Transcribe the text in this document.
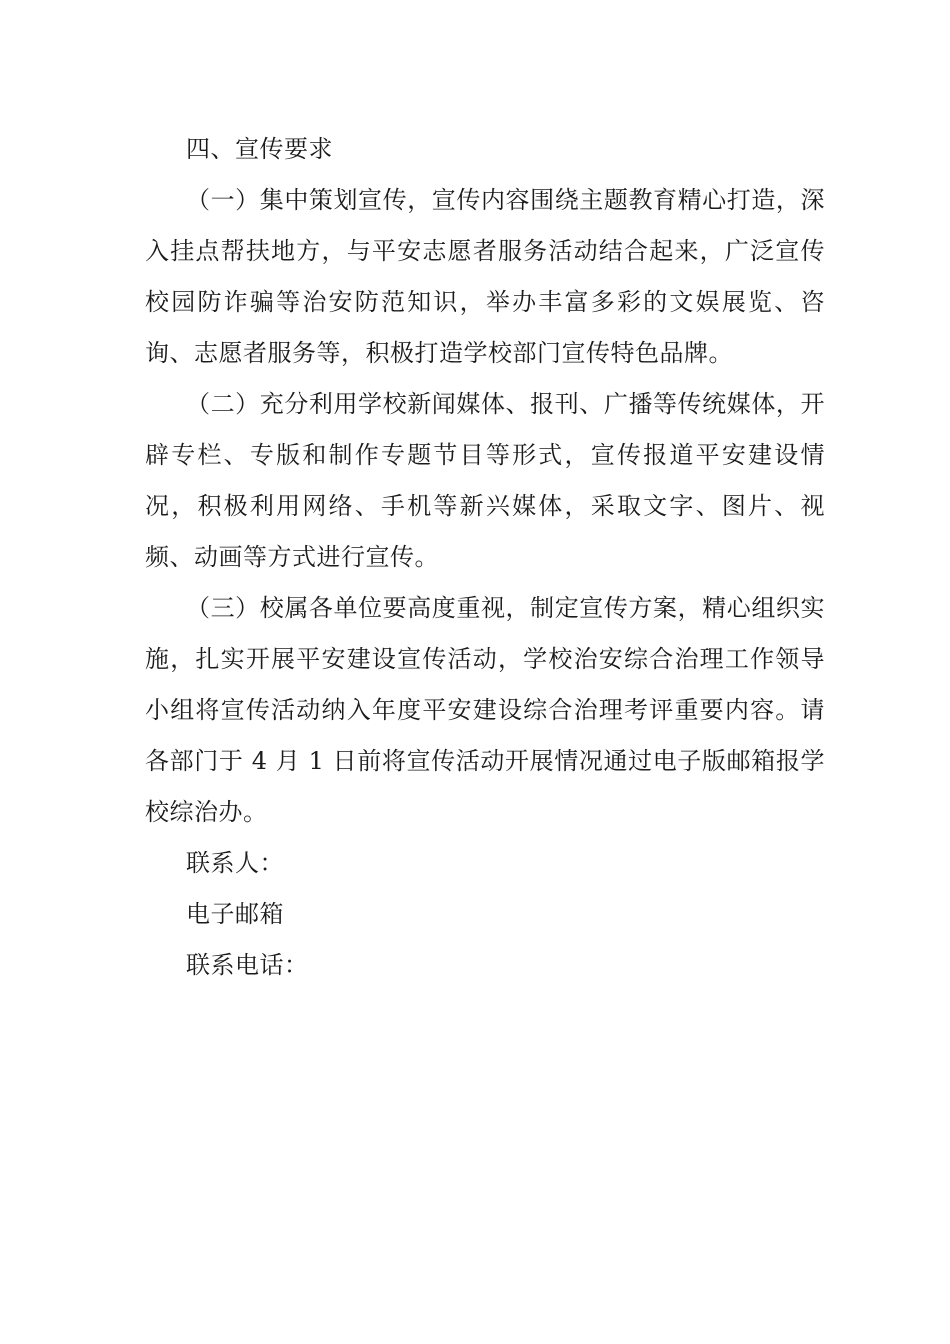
四、宣传要求

（一）集中策划宣传，宣传内容围绕主题教育精心打造，深入挂点帮扶地方，与平安志愿者服务活动结合起来，广泛宣传校园防诈骗等治安防范知识，举办丰富多彩的文娱展览、咨询、志愿者服务等，积极打造学校部门宣传特色品牌。

（二）充分利用学校新闻媒体、报刊、广播等传统媒体，开辟专栏、专版和制作专题节目等形式，宣传报道平安建设情况，积极利用网络、手机等新兴媒体，采取文字、图片、视频、动画等方式进行宣传。

（三）校属各单位要高度重视，制定宣传方案，精心组织实施，扎实开展平安建设宣传活动，学校治安综合治理工作领导小组将宣传活动纳入年度平安建设综合治理考评重要内容。请各部门于 4 月 1 日前将宣传活动开展情况通过电子版邮箱报学校综治办。

联系人：

电子邮箱

联系电话：
